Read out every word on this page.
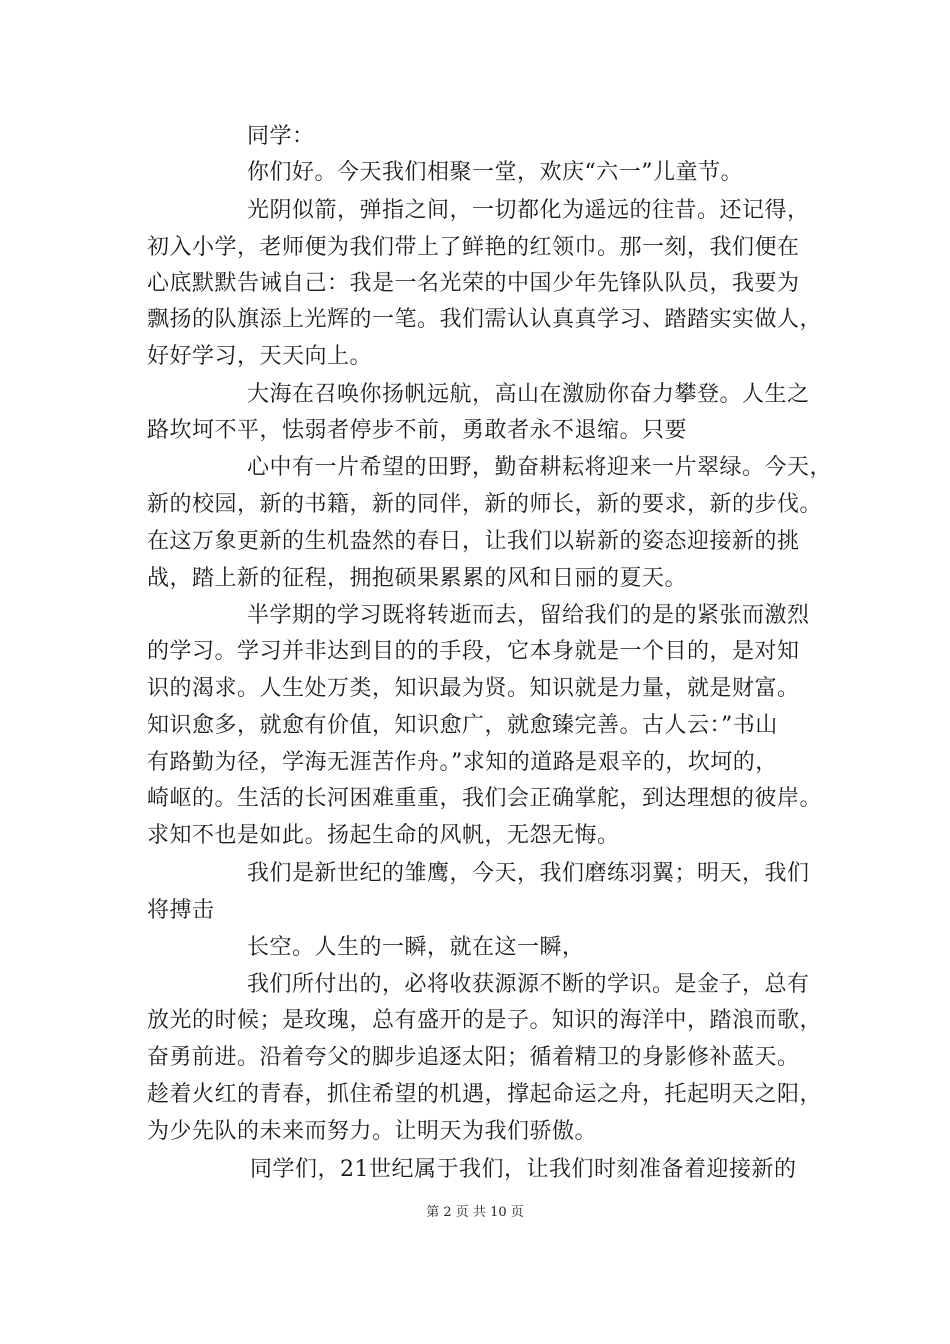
同学：
你们好。今天我们相聚一堂，欢庆“六一”儿童节。
光阴似箭，弹指之间，一切都化为遥远的往昔。还记得，
初入小学，老师便为我们带上了鲜艳的红领巾。那一刻，我们便在
心底默默告诫自己：我是一名光荣的中国少年先锋队队员，我要为
飘扬的队旗添上光辉的一笔。我们需认认真真学习、踏踏实实做人，
好好学习，天天向上。
大海在召唤你扬帆远航，高山在激励你奋力攀登。人生之
路坎坷不平，怯弱者停步不前，勇敢者永不退缩。只要
心中有一片希望的田野，勤奋耕耘将迎来一片翠绿。今天，
新的校园，新的书籍，新的同伴，新的师长，新的要求，新的步伐。
在这万象更新的生机盎然的春日，让我们以崭新的姿态迎接新的挑
战，踏上新的征程，拥抱硕果累累的风和日丽的夏天。
半学期的学习既将转逝而去，留给我们的是的紧张而激烈
的学习。学习并非达到目的的手段，它本身就是一个目的，是对知
识的渴求。人生处万类，知识最为贤。知识就是力量，就是财富。
知识愈多，就愈有价值，知识愈广，就愈臻完善。古人云：”书山
有路勤为径，学海无涯苦作舟。”求知的道路是艰辛的，坎坷的，
崎岖的。生活的长河困难重重，我们会正确掌舵，到达理想的彼岸。
求知不也是如此。扬起生命的风帆，无怨无悔。
我们是新世纪的雏鹰，今天，我们磨练羽翼；明天，我们
将搏击
长空。人生的一瞬，就在这一瞬，
我们所付出的，必将收获源源不断的学识。是金子，总有
放光的时候；是玫瑰，总有盛开的是子。知识的海洋中，踏浪而歌，
奋勇前进。沿着夸父的脚步追逐太阳；循着精卫的身影修补蓝天。
趁着火红的青春，抓住希望的机遇，撑起命运之舟，托起明天之阳，
为少先队的未来而努力。让明天为我们骄傲。
同学们，21世纪属于我们，让我们时刻准备着迎接新的
第 2 页 共 10 页
